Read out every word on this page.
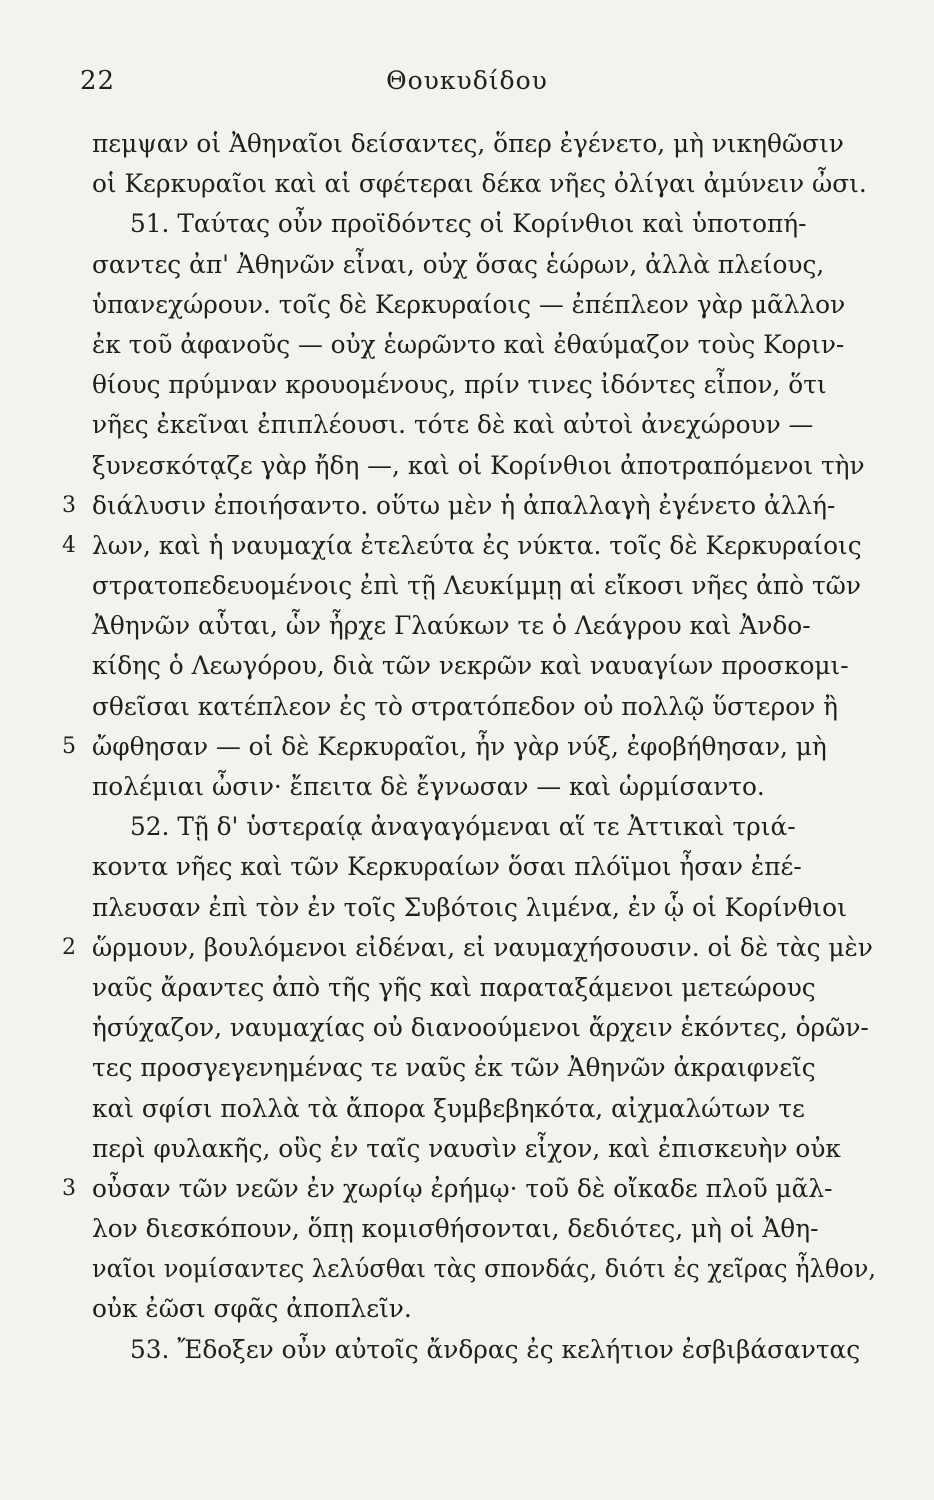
22	Θουκυδίδου
πεμψαν οἱ Ἀθηναῖοι δείσαντες, ὅπερ ἐγένετο, μὴ νικηθῶσιν
οἱ Κερκυραῖοι καὶ αἱ σφέτεραι δέκα νῆες ὀλίγαι ἀμύνειν ὦσι.
51. Ταύτας οὖν προϊδόντες οἱ Κορίνθιοι καὶ ὑποτοπή-
σαντες ἀπ' Ἀθηνῶν εἶναι, οὐχ ὅσας ἑώρων, ἀλλὰ πλείους,
ὑπανεχώρουν. τοῖς δὲ Κερκυραίοις — ἐπέπλεον γὰρ μᾶλλον
ἐκ τοῦ ἀφανοῦς — οὐχ ἑωρῶντο καὶ ἐθαύμαζον τοὺς Κοριν-
θίους πρύμναν κρουομένους, πρίν τινες ἰδόντες εἶπον, ὅτι
νῆες ἐκεῖναι ἐπιπλέουσι. τότε δὲ καὶ αὐτοὶ ἀνεχώρουν —
ξυνεσκότᾳζε γὰρ ἤδη —, καὶ οἱ Κορίνθιοι ἀποτραπόμενοι τὴν
3 διάλυσιν ἐποιήσαντο. οὕτω μὲν ἡ ἀπαλλαγὴ ἐγένετο ἀλλή-
4 λων, καὶ ἡ ναυμαχία ἐτελεύτα ἐς νύκτα. τοῖς δὲ Κερκυραίοις
στρατοπεδευομένοις ἐπὶ τῇ Λευκίμμῃ αἱ εἴκοσι νῆες ἀπὸ τῶν
Ἀθηνῶν αὗται, ὧν ἦρχε Γλαύκων τε ὁ Λεάγρου καὶ Ἀνδο-
κίδης ὁ Λεωγόρου, διὰ τῶν νεκρῶν καὶ ναυαγίων προσκομι-
σθεῖσαι κατέπλεον ἐς τὸ στρατόπεδον οὐ πολλῷ ὕστερον ἢ
5 ὤφθησαν — οἱ δὲ Κερκυραῖοι, ἦν γὰρ νύξ, ἐφοβήθησαν, μὴ
πολέμιαι ὦσιν· ἔπειτα δὲ ἔγνωσαν — καὶ ὡρμίσαντο.
52. Τῇ δ' ὑστεραίᾳ ἀναγαγόμεναι αἵ τε Ἀττικαὶ τριά-
κοντα νῆες καὶ τῶν Κερκυραίων ὅσαι πλόϊμοι ἦσαν ἐπέ-
πλευσαν ἐπὶ τὸν ἐν τοῖς Συβότοις λιμένα, ἐν ᾧ οἱ Κορίνθιοι
2 ὥρμουν, βουλόμενοι εἰδέναι, εἰ ναυμαχήσουσιν. οἱ δὲ τὰς μὲν
ναῦς ἄραντες ἀπὸ τῆς γῆς καὶ παραταξάμενοι μετεώρους
ἡσύχαζον, ναυμαχίας οὐ διανοούμενοι ἄρχειν ἑκόντες, ὁρῶν-
τες προσγεγενημένας τε ναῦς ἐκ τῶν Ἀθηνῶν ἀκραιφνεῖς
καὶ σφίσι πολλὰ τὰ ἄπορα ξυμβεβηκότα, αἰχμαλώτων τε
περὶ φυλακῆς, οὓς ἐν ταῖς ναυσὶν εἶχον, καὶ ἐπισκευὴν οὐκ
3 οὖσαν τῶν νεῶν ἐν χωρίῳ ἐρήμῳ· τοῦ δὲ οἴκαδε πλοῦ μᾶλ-
λον διεσκόπουν, ὅπῃ κομισθήσονται, δεδιότες, μὴ οἱ Ἀθη-
ναῖοι νομίσαντες λελύσθαι τὰς σπονδάς, διότι ἐς χεῖρας ἦλθον,
οὐκ ἐῶσι σφᾶς ἀποπλεῖν.
53. Ἔδοξεν οὖν αὐτοῖς ἄνδρας ἐς κελήτιον ἐσβιβάσαντας
